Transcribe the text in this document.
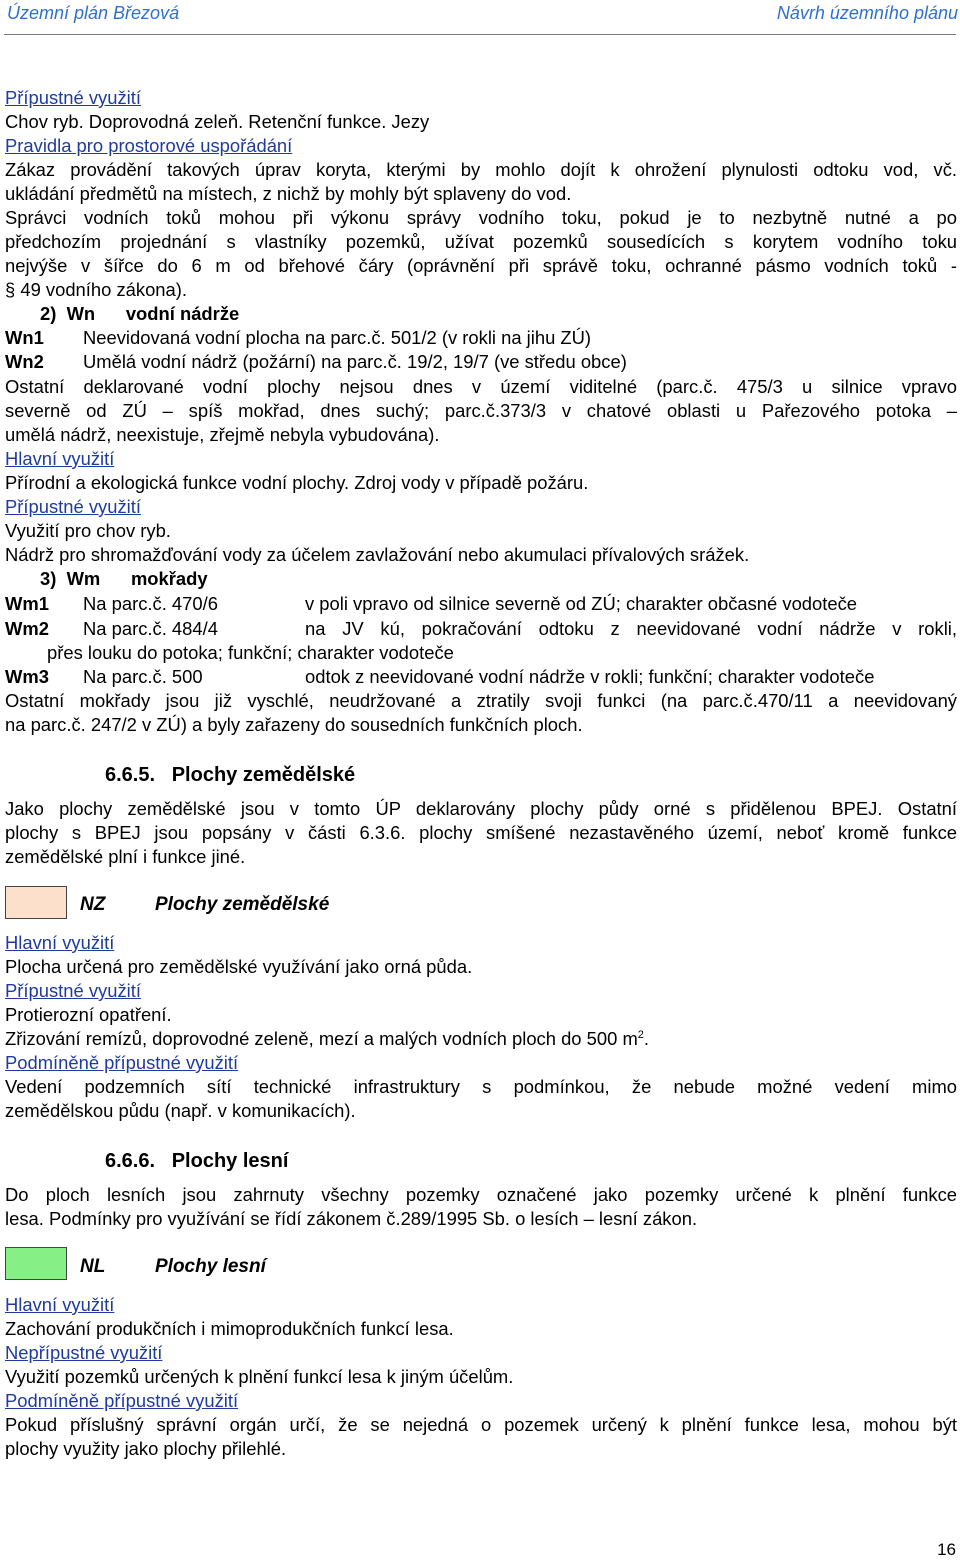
Územní plán Březová	Návrh územního plánu
Přípustné využití
Chov ryb. Doprovodná zeleň. Retenční funkce. Jezy
Pravidla pro prostorové uspořádání
Zákaz provádění takových úprav koryta, kterými by mohlo dojít k ohrožení plynulosti odtoku vod, vč.
ukládání předmětů na místech, z nichž by mohly být splaveny do vod.
Správci vodních toků mohou při výkonu správy vodního toku, pokud je to nezbytně nutné a po
předchozím projednání s vlastníky pozemků, užívat pozemků sousedících s korytem vodního toku
nejvýše v šířce do 6 m od břehové čáry (oprávnění při správě toku, ochranné pásmo vodních toků -
§ 49 vodního zákona).
2)  Wn      vodní nádrže
Wn1 Neevidovaná vodní plocha na parc.č. 501/2 (v rokli na jihu ZÚ)
Wn2 Umělá vodní nádrž (požární) na parc.č. 19/2, 19/7 (ve středu obce)
Ostatní deklarované vodní plochy nejsou dnes v území viditelné (parc.č. 475/3 u silnice vpravo
severně od ZÚ – spíš mokřad, dnes suchý; parc.č.373/3 v chatové oblasti u Pařezového potoka –
umělá nádrž, neexistuje, zřejmě nebyla vybudována).
Hlavní využití
Přírodní a ekologická funkce vodní plochy. Zdroj vody v případě požáru.
Přípustné využití
Využití pro chov ryb.
Nádrž pro shromažďování vody za účelem zavlažování nebo akumulaci přívalových srážek.
3)  Wm      mokřady
Wm1 Na parc.č. 470/6	v poli vpravo od silnice severně od ZÚ; charakter občasné vodoteče
Wm2 Na parc.č. 484/4	na JV kú, pokračování odtoku z neevidované vodní nádrže v rokli,
přes louku do potoka; funkční; charakter vodoteče
Wm3 Na parc.č. 500	odtok z neevidované vodní nádrže v rokli; funkční; charakter vodoteče
Ostatní mokřady jsou již vyschlé, neudržované a ztratily svoji funkci (na parc.č.470/11 a neevidovaný
na parc.č. 247/2 v ZÚ) a byly zařazeny do sousedních funkčních ploch.
6.6.5.   Plochy zemědělské
Jako plochy zemědělské jsou v tomto ÚP deklarovány plochy půdy orné s přidělenou BPEJ. Ostatní
plochy s BPEJ jsou popsány v části 6.3.6. plochy smíšené nezastavěného území, neboť kromě funkce
zemědělské plní i funkce jiné.
NZ	Plochy zemědělské
Hlavní využití
Plocha určená pro zemědělské využívání jako orná půda.
Přípustné využití
Protierozní opatření.
Zřizování remízů, doprovodné zeleně, mezí a malých vodních ploch do 500 $m^2$.
Podmíněně přípustné využití
Vedení podzemních sítí technické infrastruktury s podmínkou, že nebude možné vedení mimo
zemědělskou půdu (např. v komunikacích).
6.6.6.   Plochy lesní
Do ploch lesních jsou zahrnuty všechny pozemky označené jako pozemky určené k plnění funkce
lesa. Podmínky pro využívání se řídí zákonem č.289/1995 Sb. o lesích – lesní zákon.
NL	Plochy lesní
Hlavní využití
Zachování produkčních i mimoprodukčních funkcí lesa.
Nepřípustné využití
Využití pozemků určených k plnění funkcí lesa k jiným účelům.
Podmíněně přípustné využití
Pokud příslušný správní orgán určí, že se nejedná o pozemek určený k plnění funkce lesa, mohou být
plochy využity jako plochy přilehlé.
16
